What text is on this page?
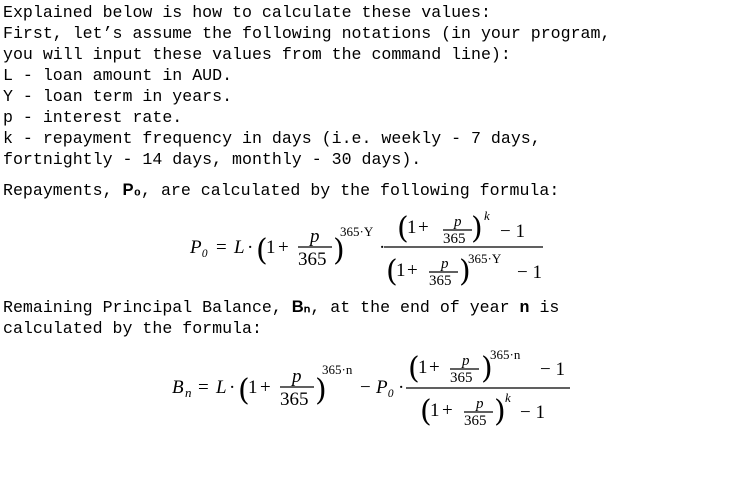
Explained below is how to calculate these values:
First, let’s assume the following notations (in your program,
you will input these values from the command line):
L - loan amount in AUD.
Y - loan term in years.
p - interest rate.
k - repayment frequency in days (i.e. weekly - 7 days,
fortnightly - 14 days, monthly - 30 days).
Repayments, P₀, are calculated by the following formula:
P₀ = L · (
1 +
p
365 )
365·Y
·
(
1 + p
365 ) k
− 1
(
1 + p
365 )
365·Y
− 1
Remaining Principal Balance, Bₙ, at the end of year n is
calculated by the formula:
B n = L · (
1 +
p
365 )
365·n
− P₀ ·
(
1 + p
365 )
365·n
− 1
(
1 + p
365 ) k
− 1
